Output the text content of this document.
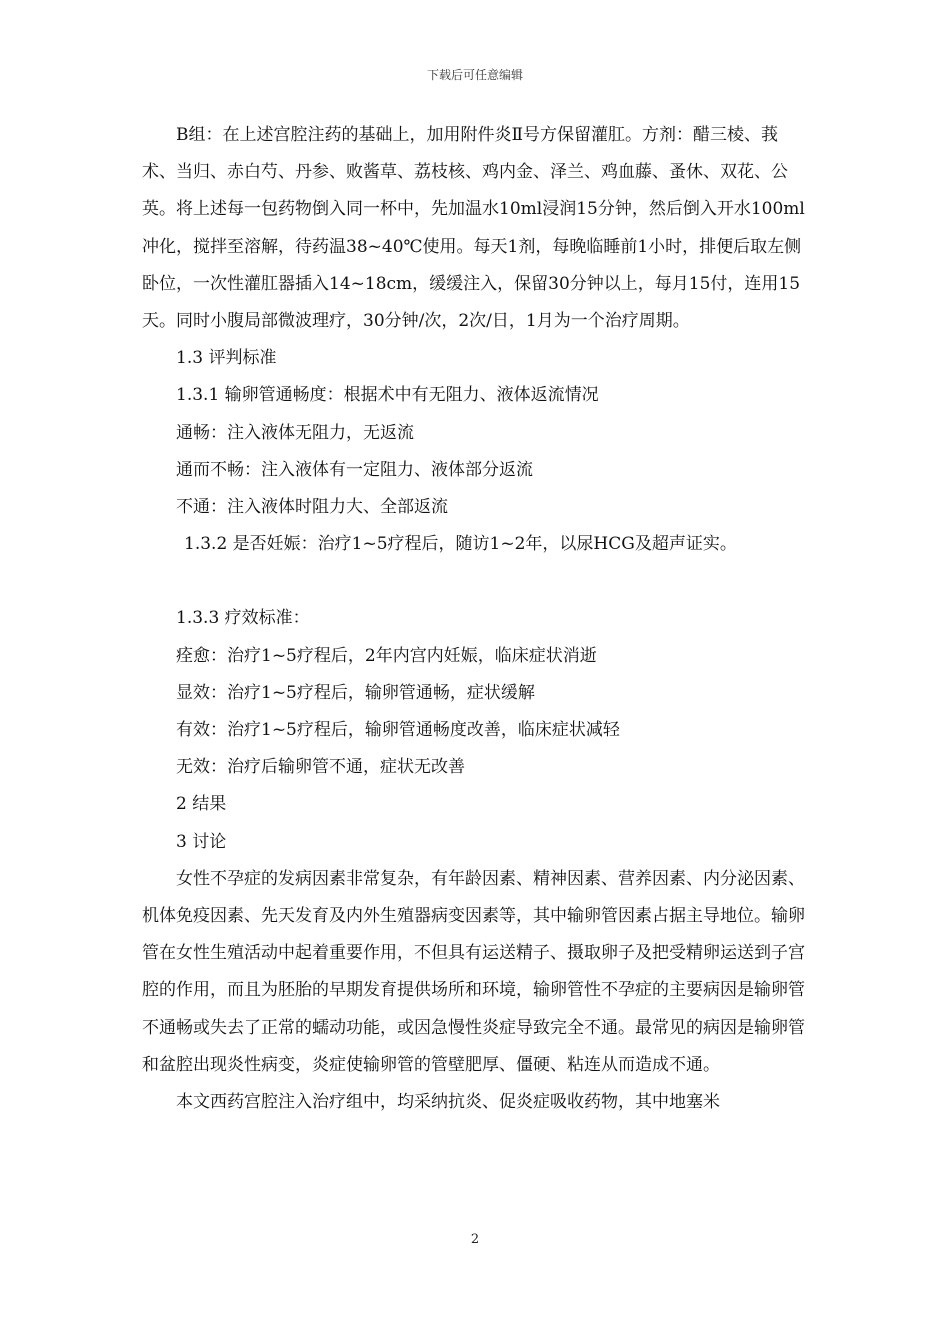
下载后可任意编辑

B组：在上述宫腔注药的基础上，加用附件炎Ⅱ号方保留灌肛。方剂：醋三棱、莪术、当归、赤白芍、丹参、败酱草、荔枝核、鸡内金、泽兰、鸡血藤、蚤休、双花、公英。将上述每一包药物倒入同一杯中，先加温水10ml浸润15分钟，然后倒入开水100ml冲化，搅拌至溶解，待药温38~40℃使用。每天1剂，每晚临睡前1小时，排便后取左侧卧位，一次性灌肛器插入14~18cm，缓缓注入，保留30分钟以上，每月15付，连用15天。同时小腹局部微波理疗，30分钟/次，2次/日，1月为一个治疗周期。

1.3 评判标准

1.3.1 输卵管通畅度：根据术中有无阻力、液体返流情况

通畅：注入液体无阻力，无返流

通而不畅：注入液体有一定阻力、液体部分返流

不通：注入液体时阻力大、全部返流

1.3.2 是否妊娠：治疗1~5疗程后，随访1~2年，以尿HCG及超声证实。

1.3.3 疗效标准：

痊愈：治疗1~5疗程后，2年内宫内妊娠，临床症状消逝

显效：治疗1~5疗程后，输卵管通畅，症状缓解

有效：治疗1~5疗程后，输卵管通畅度改善，临床症状减轻

无效：治疗后输卵管不通，症状无改善

2 结果

3 讨论

女性不孕症的发病因素非常复杂，有年龄因素、精神因素、营养因素、内分泌因素、机体免疫因素、先天发育及内外生殖器病变因素等，其中输卵管因素占据主导地位。输卵管在女性生殖活动中起着重要作用，不但具有运送精子、摄取卵子及把受精卵运送到子宫腔的作用，而且为胚胎的早期发育提供场所和环境，输卵管性不孕症的主要病因是输卵管不通畅或失去了正常的蠕动功能，或因急慢性炎症导致完全不通。最常见的病因是输卵管和盆腔出现炎性病变，炎症使输卵管的管壁肥厚、僵硬、粘连从而造成不通。

本文西药宫腔注入治疗组中，均采纳抗炎、促炎症吸收药物，其中地塞米

2
